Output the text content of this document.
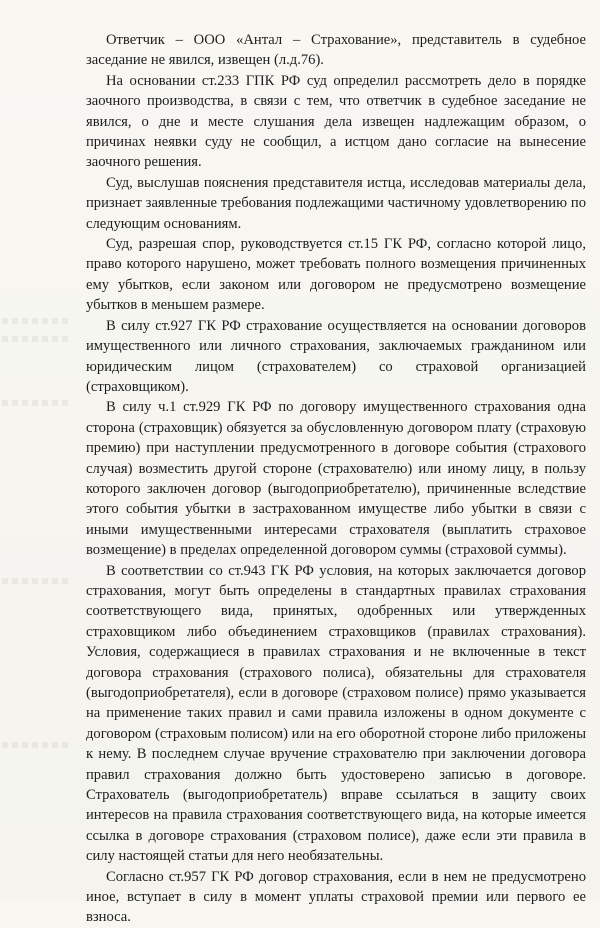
Ответчик – ООО «Антал – Страхование», представитель в судебное заседание не явился, извещен (л.д.76).

На основании ст.233 ГПК РФ суд определил рассмотреть дело в порядке заочного производства, в связи с тем, что ответчик в судебное заседание не явился, о дне и месте слушания дела извещен надлежащим образом, о причинах неявки суду не сообщил, а истцом дано согласие на вынесение заочного решения.

Суд, выслушав пояснения представителя истца, исследовав материалы дела, признает заявленные требования подлежащими частичному удовлетворению по следующим основаниям.

Суд, разрешая спор, руководствуется ст.15 ГК РФ, согласно которой лицо, право которого нарушено, может требовать полного возмещения причиненных ему убытков, если законом или договором не предусмотрено возмещение убытков в меньшем размере.

В силу ст.927 ГК РФ страхование осуществляется на основании договоров имущественного или личного страхования, заключаемых гражданином или юридическим лицом (страхователем) со страховой организацией (страховщиком).

В силу ч.1 ст.929 ГК РФ по договору имущественного страхования одна сторона (страховщик) обязуется за обусловленную договором плату (страховую премию) при наступлении предусмотренного в договоре события (страхового случая) возместить другой стороне (страхователю) или иному лицу, в пользу которого заключен договор (выгодоприобретателю), причиненные вследствие этого события убытки в застрахованном имуществе либо убытки в связи с иными имущественными интересами страхователя (выплатить страховое возмещение) в пределах определенной договором суммы (страховой суммы).

В соответствии со ст.943 ГК РФ условия, на которых заключается договор страхования, могут быть определены в стандартных правилах страхования соответствующего вида, принятых, одобренных или утвержденных страховщиком либо объединением страховщиков (правилах страхования). Условия, содержащиеся в правилах страхования и не включенные в текст договора страхования (страхового полиса), обязательны для страхователя (выгодоприобретателя), если в договоре (страховом полисе) прямо указывается на применение таких правил и сами правила изложены в одном документе с договором (страховым полисом) или на его оборотной стороне либо приложены к нему. В последнем случае вручение страхователю при заключении договора правил страхования должно быть удостоверено записью в договоре. Страхователь (выгодоприобретатель) вправе ссылаться в защиту своих интересов на правила страхования соответствующего вида, на которые имеется ссылка в договоре страхования (страховом полисе), даже если эти правила в силу настоящей статьи для него необязательны.

Согласно ст.957 ГК РФ договор страхования, если в нем не предусмотрено иное, вступает в силу в момент уплаты страховой премии или первого ее взноса.
